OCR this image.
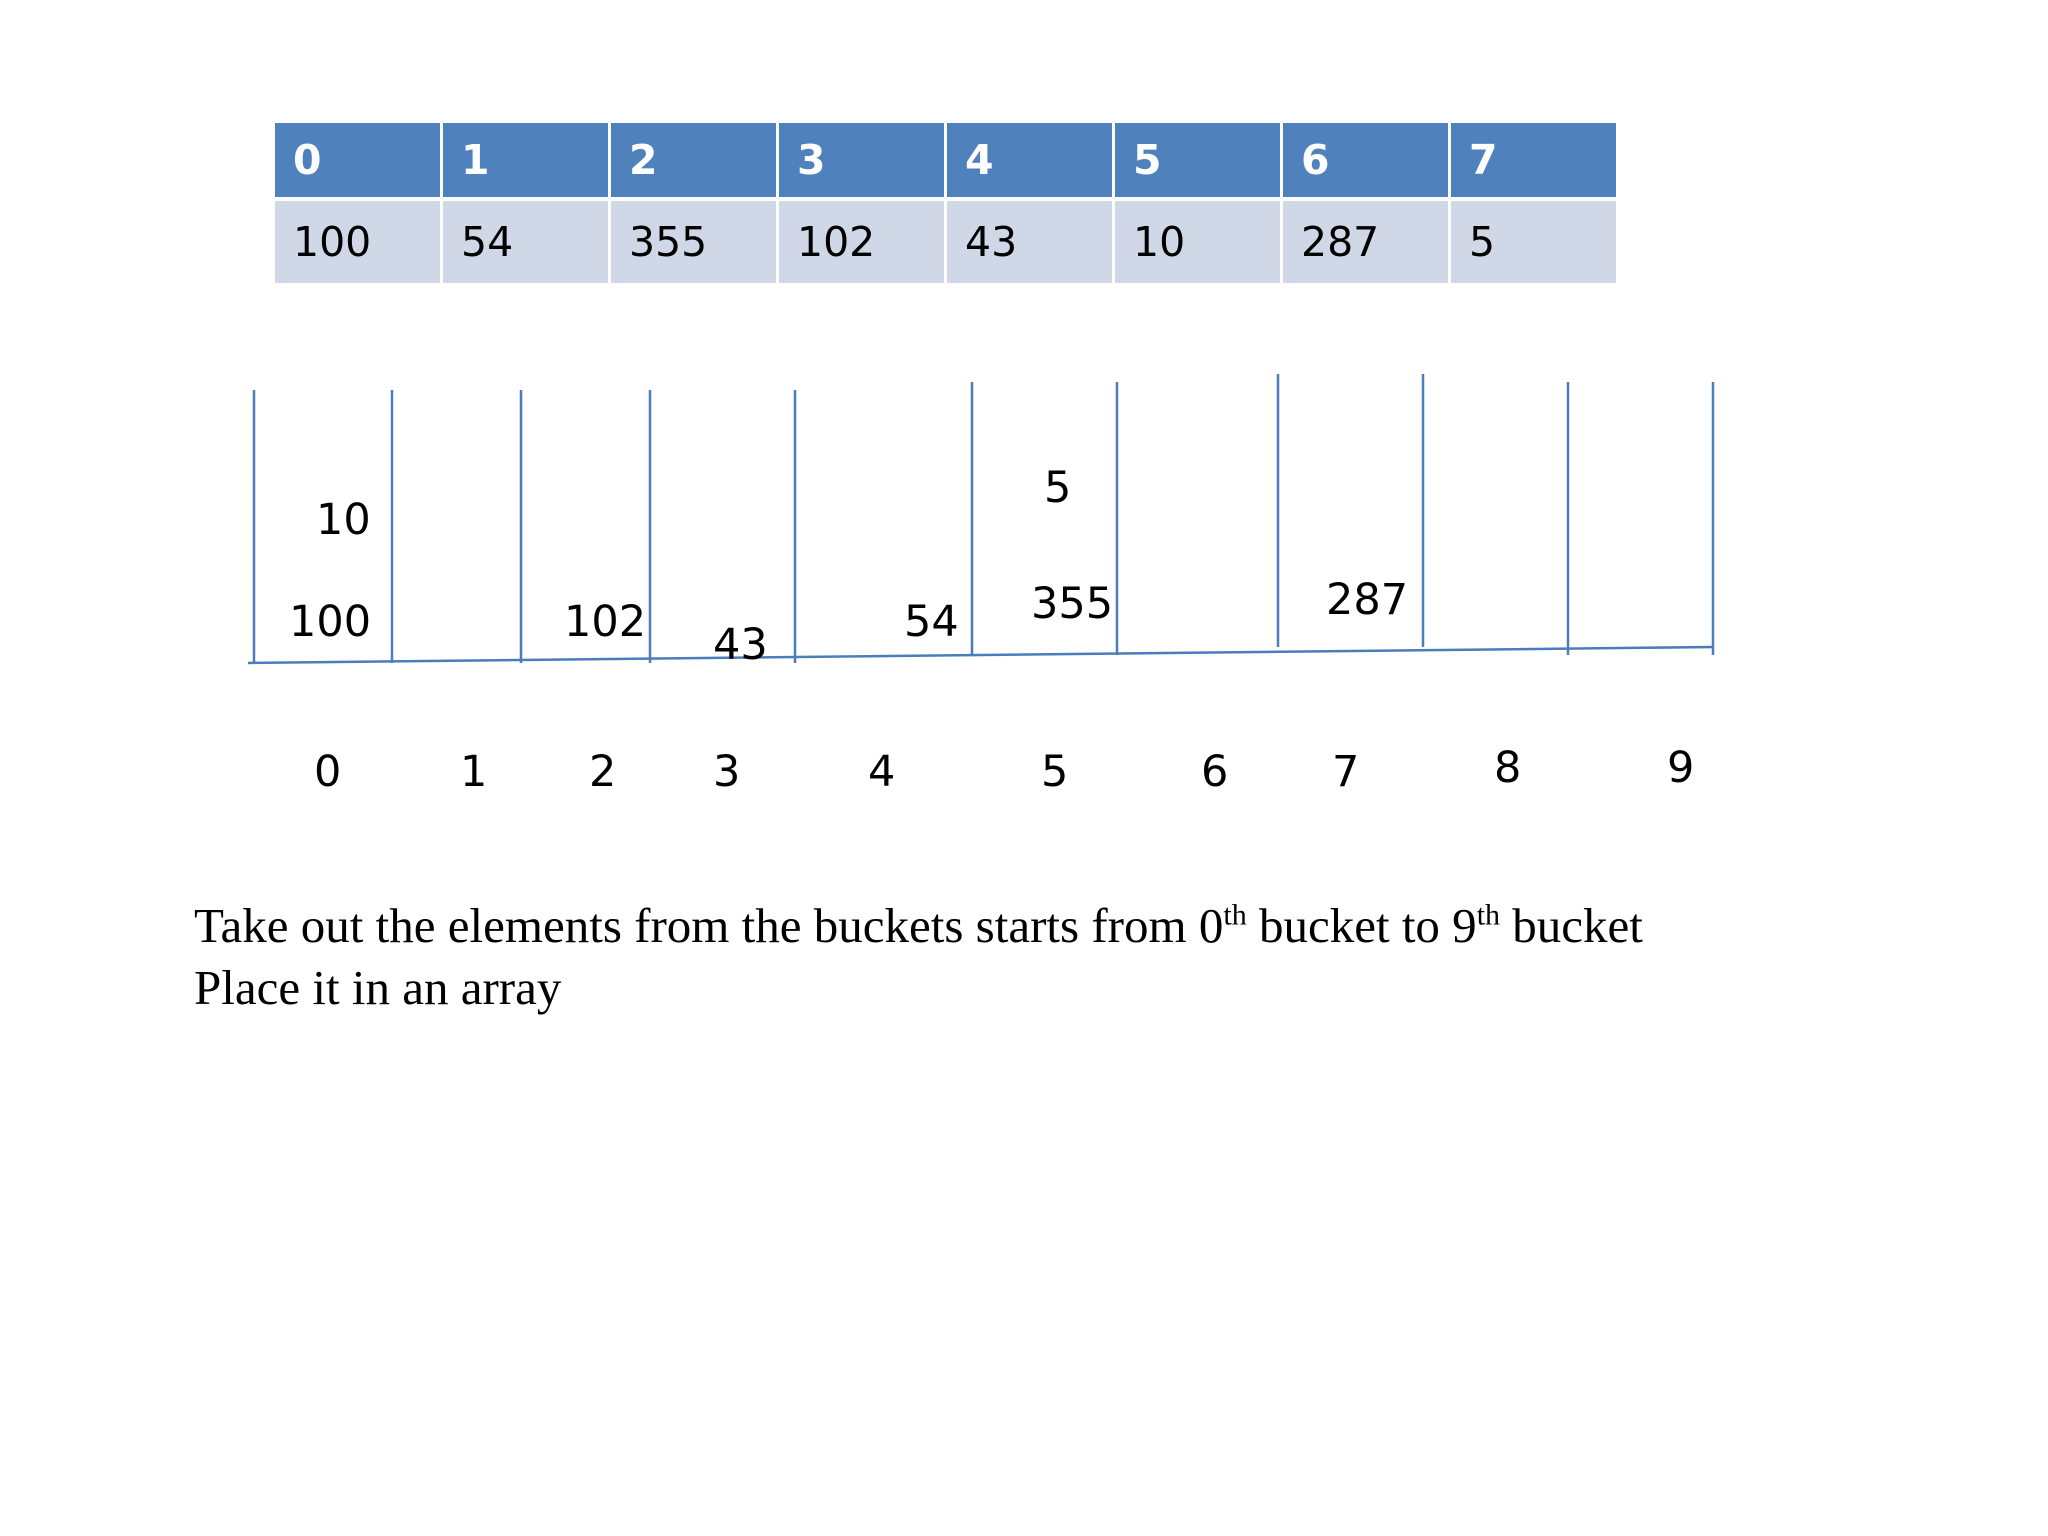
0	1	2	3	4	5	6	7
100	54	355	102	43	10	287	5
10
100	102 43	54
5
355	287
0	1 2 3	4	5	6 7	8	9
Take out the elements from the buckets starts from 0th bucket to 9th bucket
Place it in an array
